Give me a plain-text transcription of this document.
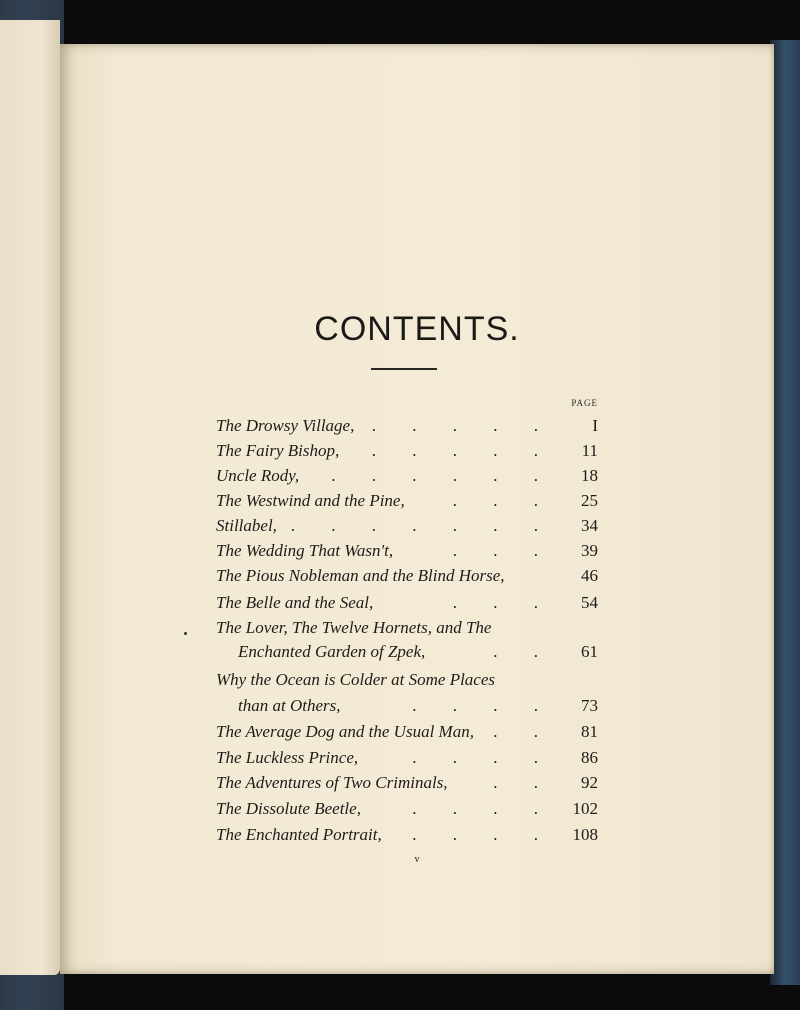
CONTENTS.
PAGE
The Drowsy Village,	. . . . . I
The Fairy Bishop,	. . . . . 11
Uncle Rody,	. . . . . . 18
The Westwind and the Pine,	. . . 25
Stillabel, . . . . . . . 34
The Wedding That Wasn't,	. . . 39
The Pious Nobleman and the Blind Horse,	46
The Belle and the Seal,	. . . 54
The Lover, The Twelve Hornets, and The
Enchanted Garden of Zpek,	. . 61
Why the Ocean is Colder at Some Places
than at Others,	. . . . 73
The Average Dog and the Usual Man,	. . 81
The Luckless Prince,	. . . . 86
The Adventures of Two Criminals,	. . 92
The Dissolute Beetle,	. . . . 102
The Enchanted Portrait,	. . . . 108
v
